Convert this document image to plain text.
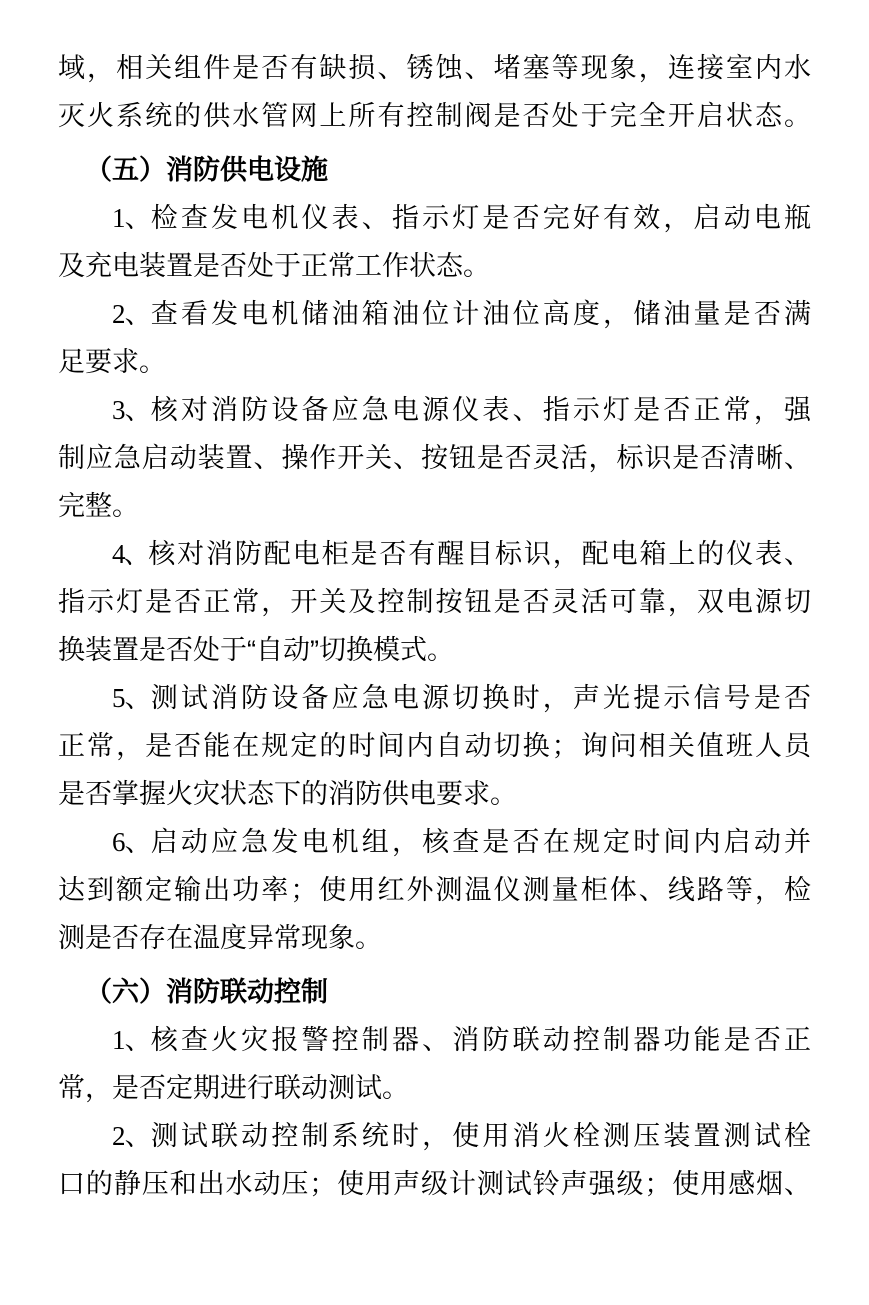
域，相关组件是否有缺损、锈蚀、堵塞等现象，连接室内水
灭火系统的供水管网上所有控制阀是否处于完全开启状态。
（五）消防供电设施
1、检查发电机仪表、指示灯是否完好有效，启动电瓶
及充电装置是否处于正常工作状态。
2、查看发电机储油箱油位计油位高度，储油量是否满
足要求。
3、核对消防设备应急电源仪表、指示灯是否正常，强
制应急启动装置、操作开关、按钮是否灵活，标识是否清晰、
完整。
4、核对消防配电柜是否有醒目标识，配电箱上的仪表、
指示灯是否正常，开关及控制按钮是否灵活可靠，双电源切
换装置是否处于“自动”切换模式。
5、测试消防设备应急电源切换时，声光提示信号是否
正常，是否能在规定的时间内自动切换；询问相关值班人员
是否掌握火灾状态下的消防供电要求。
6、启动应急发电机组，核查是否在规定时间内启动并
达到额定输出功率；使用红外测温仪测量柜体、线路等，检
测是否存在温度异常现象。
（六）消防联动控制
1、核查火灾报警控制器、消防联动控制器功能是否正
常，是否定期进行联动测试。
2、测试联动控制系统时，使用消火栓测压装置测试栓
口的静压和出水动压；使用声级计测试铃声强级；使用感烟、
